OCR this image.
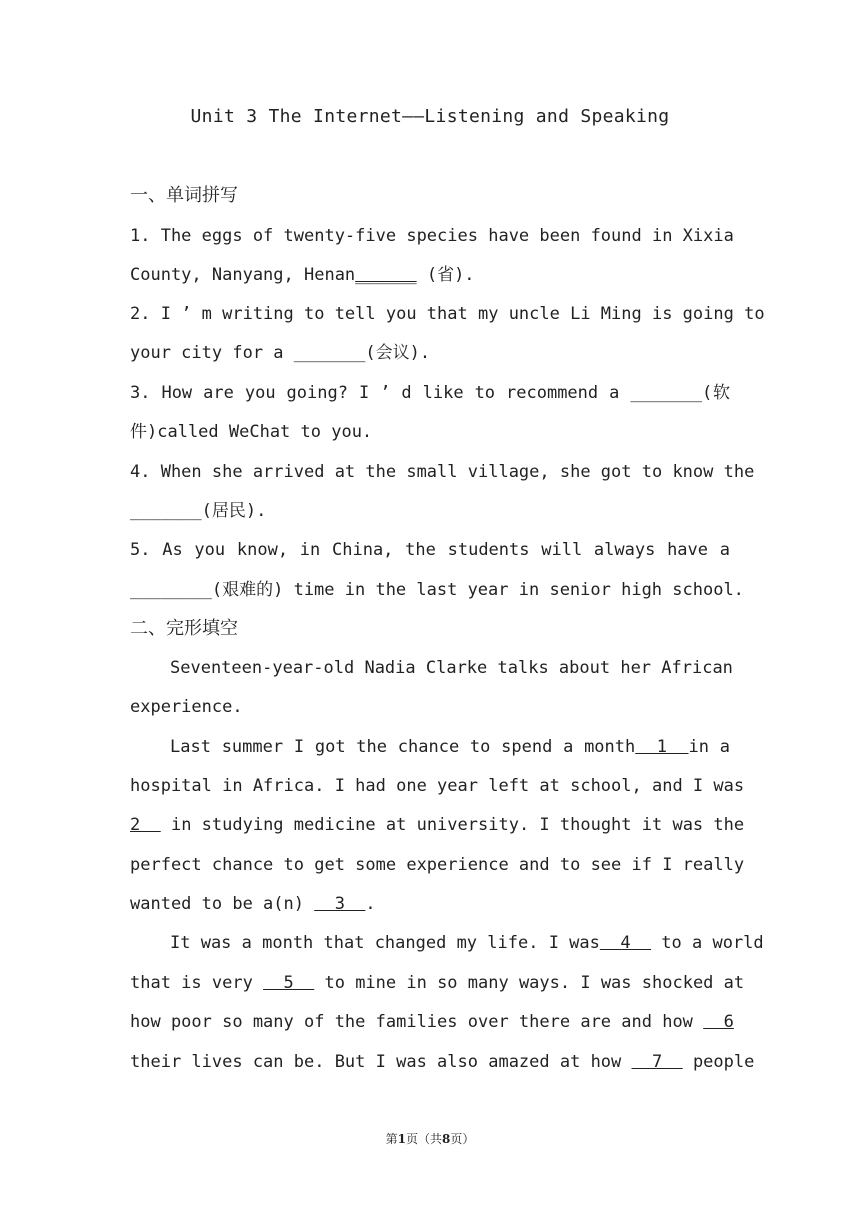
Unit 3 The Internet——Listening and Speaking
一、单词拼写
1. The eggs of twenty-five species have been found in Xixia
County, Nanyang, Henan______ (省).
2. I ’ m writing to tell you that my uncle Li Ming is going to
your city for a _______(会议).
3. How are you going? I ’ d like to recommend a _______(软
件)called WeChat to you.
4. When she arrived at the small village, she got to know the
_______(居民).
5. As you know, in China, the students will always have a
________(艰难的) time in the last year in senior high school.
二、完形填空
Seventeen-year-old Nadia Clarke talks about her African
experience.
Last summer I got the chance to spend a month  1  in a
hospital in Africa. I had one year left at school, and I was
2   in studying medicine at university. I thought it was the
perfect chance to get some experience and to see if I really
wanted to be a(n)   3  .
It was a month that changed my life. I was  4   to a world
that is very   5   to mine in so many ways. I was shocked at
how poor so many of the families over there are and how   6
their lives can be. But I was also amazed at how   7   people
第1页（共8页）
